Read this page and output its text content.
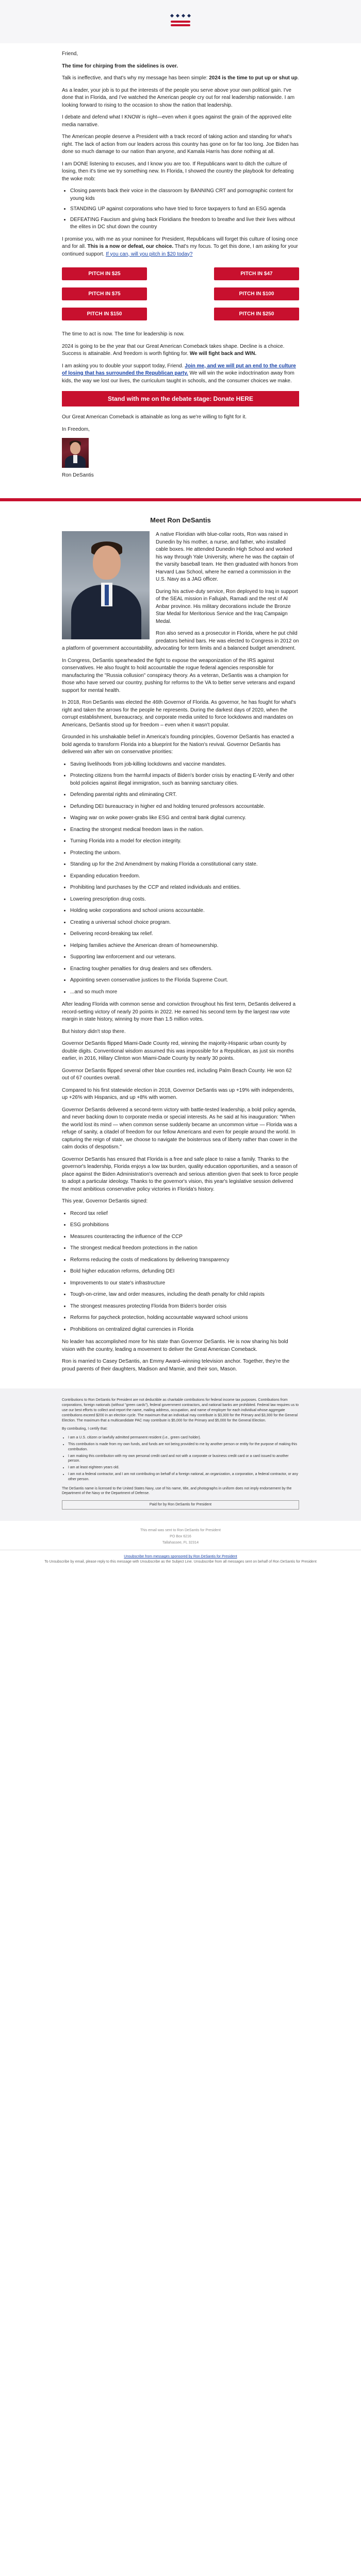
Friend,

The time for chirping from the sidelines is over.

Talk is ineffective, and that's why my message has been simple: 2024 is the time to put up or shut up.

As a leader, your job is to put the interests of the people you serve above your own political gain. I've done that in Florida, and I've watched the American people cry out for real leadership nationwide. I am looking forward to rising to the occasion to show the nation that leadership.

I debate and defend what I KNOW is right—even when it goes against the grain of the approved elite media narrative.

The American people deserve a President with a track record of taking action and standing for what's right. The lack of action from our leaders across this country has gone on for far too long. Joe Biden has done so much damage to our nation than anyone, and Kamala Harris has done nothing at all.

I am DONE listening to excuses, and I know you are too. If Republicans want to ditch the culture of losing, then it's time we try something new. In Florida, I showed the country the playbook for defeating the woke mob:

• Closing parents back their voice in the classroom by BANNING CRT and pornographic content for young kids
• STANDING UP against corporations who have tried to force taxpayers to fund an ESG agenda
• DEFEATING Faucism and giving back Floridians the freedom to breathe and live their lives without the elites in DC shut down the country

I promise you, with me as your nominee for President, Republicans will forget this culture of losing once and for all. This is a now or defeat, our choice. That's my focus. To get this done, I am asking for your continued support. If you can, will you pitch in $20 today?

PITCH IN $25	PITCH IN $47
PITCH IN $75	PITCH IN $100
PITCH IN $150	PITCH IN $250

The time to act is now. The time for leadership is now.

2024 is going to be the year that our Great American Comeback takes shape. Decline is a choice. Success is attainable. And freedom is worth fighting for. We will fight back and WIN.

I am asking you to double your support today, Friend. Join me, and we will put an end to the culture of losing that has surrounded the Republican party. We will win the woke indoctrination away from kids, the way we lost our lives, the curriculum taught in schools, and the consumer choices we make.

Stand with me on the debate stage: Donate HERE

Our Great American Comeback is attainable as long as we're willing to fight for it.

In Freedom,

Ron DeSantis

Meet Ron DeSantis

A native Floridian with blue-collar roots, Ron was raised in Dunedin by his mother, a nurse, and father, who installed cable boxes. He attended Dunedin High School and worked his way through Yale University, where he was the captain of the varsity baseball team. He then graduated with honors from Harvard Law School, where he earned a commission in the U.S. Navy as a JAG officer.

During his active-duty service, Ron deployed to Iraq in support of the SEAL mission in Fallujah, Ramadi and the rest of Al Anbar province. His military decorations include the Bronze Star Medal for Meritorious Service and the Iraq Campaign Medal.

Ron also served as a prosecutor in Florida, where he put child predators behind bars. He was elected to Congress in 2012 on a platform of government accountability, advocating for term limits and a balanced budget amendment.

In Congress, DeSantis spearheaded the fight to expose the weaponization of the IRS against conservatives. He also fought to hold accountable the rogue federal agencies responsible for manufacturing the "Russia collusion" conspiracy theory. As a veteran, DeSantis was a champion for those who have served our country, pushing for reforms to the VA to better serve veterans and expand support for mental health.

In 2018, Ron DeSantis was elected the 46th Governor of Florida. As governor, he has fought for what's right and taken the arrows for the people he represents. During the darkest days of 2020, when the corrupt establishment, bureaucracy, and corporate media united to force lockdowns and mandates on Americans, DeSantis stood up for freedom – even when it wasn't popular.

Grounded in his unshakable belief in America's founding principles, Governor DeSantis has enacted a bold agenda to transform Florida into a blueprint for the Nation's revival. Governor DeSantis has delivered win after win on conservative priorities:

• Saving livelihoods from job-killing lockdowns and vaccine mandates.
• Protecting citizens from the harmful impacts of Biden's border crisis by enacting E-Verify and other bold policies against illegal immigration, such as banning sanctuary cities.
• Defending parental rights and eliminating CRT.
• Defunding DEI bureaucracy in higher ed and holding tenured professors accountable.
• Waging war on woke power-grabs like ESG and central bank digital currency.
• Enacting the strongest medical freedom laws in the nation.
• Turning Florida into a model for election integrity.
• Protecting the unborn.
• Standing up for the 2nd Amendment by making Florida a constitutional carry state.
• Expanding education freedom.
• Prohibiting land purchases by the CCP and related individuals and entities.
• Lowering prescription drug costs.
• Holding woke corporations and school unions accountable.
• Creating a universal school choice program.
• Delivering record-breaking tax relief.
• Helping families achieve the American dream of homeownership.
• Supporting law enforcement and our veterans.
• Enacting tougher penalties for drug dealers and sex offenders.
• Appointing seven conservative justices to the Florida Supreme Court.
• ...and so much more

After leading Florida with common sense and conviction throughout his first term, DeSantis delivered a record-setting victory of nearly 20 points in 2022. He earned his second term by the largest raw vote margin in state history, winning by more than 1.5 million votes.

But history didn't stop there.

Governor DeSantis flipped Miami-Dade County red, winning the majority-Hispanic urban county by double digits. Conventional wisdom assumed this was impossible for a Republican, as just six months earlier, in 2016, Hillary Clinton won Miami-Dade County by nearly 30 points.

Governor DeSantis flipped several other blue counties red, including Palm Beach County. He won 62 out of 67 counties overall.

Compared to his first statewide election in 2018, Governor DeSantis was up +19% with independents, up +26% with Hispanics, and up +8% with women.

Governor DeSantis delivered a second-term victory with battle-tested leadership, a bold policy agenda, and never backing down to corporate media or special interests. As he said at his inauguration: "When the world lost its mind — when common sense suddenly became an uncommon virtue — Florida was a refuge of sanity, a citadel of freedom for our fellow Americans and even for people around the world. In capturing the reign of state, we choose to navigate the boisterous sea of liberty rather than cower in the calm docks of despotism."

Governor DeSantis has ensured that Florida is a free and safe place to raise a family. Thanks to the governor's leadership, Florida enjoys a low tax burden, quality education opportunities, and a season of place against the Biden Administration's overreach and serious attention given that seek to force people to adopt a particular ideology. Thanks to the governor's vision, this year's legislative session delivered the most ambitious conservative policy victories in Florida's history.

This year, Governor DeSantis signed:

• Record tax relief
• ESG prohibitions
• Measures counteracting the influence of the CCP
• The strongest medical freedom protections in the nation
• Reforms reducing the costs of medications by delivering transparency
• Bold higher education reforms, defunding DEI
• Improvements to our state's infrastructure
• Tough-on-crime, law and order measures, including the death penalty for child rapists
• The strongest measures protecting Florida from Biden's border crisis
• Reforms for paycheck protection, holding accountable wayward school unions
• Prohibitions on centralized digital currencies in Florida

No leader has accomplished more for his state than Governor DeSantis. He is now sharing his bold vision with the country, leading a movement to deliver the Great American Comeback.

Ron is married to Casey DeSantis, an Emmy Award–winning television anchor. Together, they're the proud parents of their daughters, Madison and Mamie, and their son, Mason.

Contributions to Ron DeSantis for President are not deductible as charitable contributions for federal income tax purposes. Contributions from corporations, foreign nationals (without "green cards"), federal government contractors, and national banks are prohibited. Federal law requires us to use our best efforts to collect and report the name, mailing address, occupation, and name of employer for each individual whose aggregate contributions exceed $200 in an election cycle. The maximum that an individual may contribute is $3,300 for the Primary and $3,300 for the General Election. The maximum that a multicandidate PAC may contribute is $5,000 for the Primary and $5,000 for the General Election.

By contributing, I certify that:

• I am a U.S. citizen or lawfully admitted permanent resident (i.e., green card holder).
• This contribution is made from my own funds, and funds are not being provided to me by another person or entity for the purpose of making this contribution.
• I am making this contribution with my own personal credit card and not with a corporate or business credit card or a card issued to another person.
• I am at least eighteen years old.
• I am not a federal contractor, and I am not contributing on behalf of a foreign national, an organization, a corporation, a federal contractor, or any other person.

The DeSantis name is licensed to the United States Navy, use of his name, title, and photographs in uniform does not imply endorsement by the Department of the Navy or the Department of Defense.

Paid for by Ron DeSantis for President

This email was sent to Ron DeSantis for President

PO Box 6216

Tallahassee, FL 32314

Unsubscribe from messages sponsored by Ron DeSantis for President

To Unsubscribe by email, please reply to this message with Unsubscribe as the Subject Line. Unsubscribe from all messages sent on behalf of Ron DeSantis for President
